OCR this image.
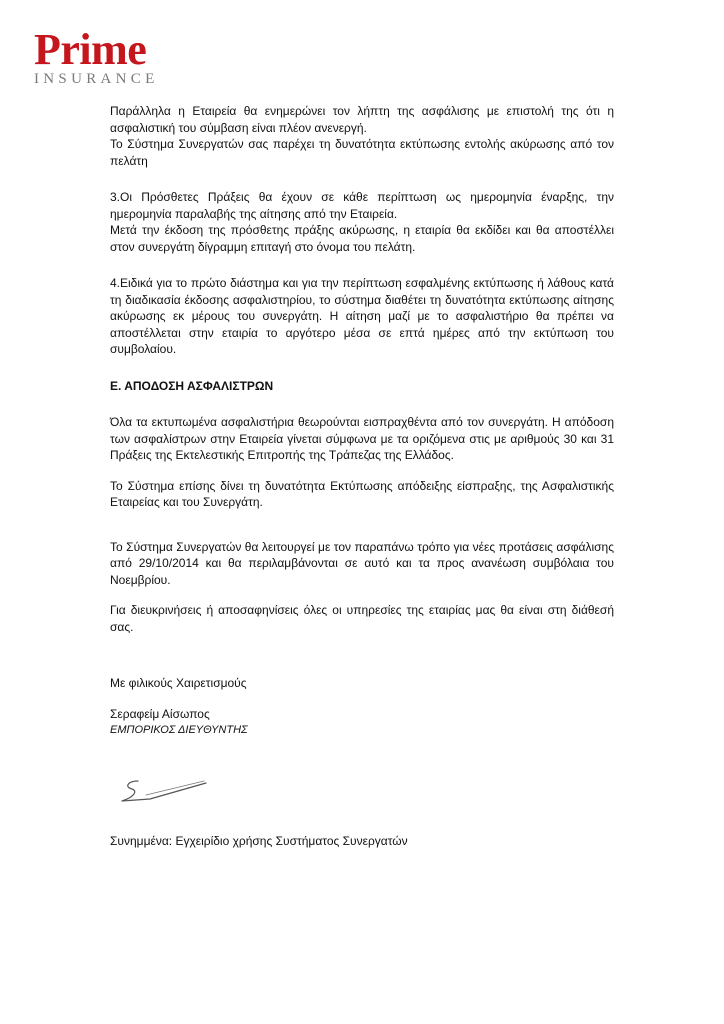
Prime
INSURANCE

Παράλληλα η Εταιρεία θα ενημερώνει τον λήπτη της ασφάλισης με επιστολή της ότι η ασφαλιστική του σύμβαση είναι πλέον ανενεργή.

Το Σύστημα Συνεργατών σας παρέχει τη δυνατότητα εκτύπωσης εντολής ακύρωσης από τον πελάτη

3.Οι Πρόσθετες Πράξεις θα έχουν σε κάθε περίπτωση ως ημερομηνία έναρξης, την ημερομηνία παραλαβής της αίτησης από την Εταιρεία.

Μετά την έκδοση της πρόσθετης πράξης ακύρωσης, η εταιρία θα εκδίδει και θα αποστέλλει στον συνεργάτη δίγραμμη επιταγή στο όνομα του πελάτη.

4.Ειδικά για το πρώτο διάστημα και για την περίπτωση εσφαλμένης εκτύπωσης ή λάθους κατά τη διαδικασία έκδοσης ασφαλιστηρίου, το σύστημα διαθέτει τη δυνατότητα εκτύπωσης αίτησης ακύρωσης εκ μέρους του συνεργάτη. Η αίτηση μαζί με το ασφαλιστήριο θα πρέπει να αποστέλλεται στην εταιρία το αργότερο μέσα σε επτά ημέρες από την εκτύπωση του συμβολαίου.

Ε. ΑΠΟΔΟΣΗ ΑΣΦΑΛΙΣΤΡΩΝ

Όλα τα εκτυπωμένα ασφαλιστήρια θεωρούνται εισπραχθέντα από τον συνεργάτη. Η απόδοση των ασφαλίστρων στην Εταιρεία γίνεται σύμφωνα με τα οριζόμενα στις με αριθμούς 30 και 31 Πράξεις της Εκτελεστικής Επιτροπής της Τράπεζας της Ελλάδος.

Το Σύστημα επίσης δίνει τη δυνατότητα Εκτύπωσης απόδειξης είσπραξης, της Ασφαλιστικής Εταιρείας και του Συνεργάτη.

Το Σύστημα Συνεργατών θα λειτουργεί με τον παραπάνω τρόπο για νέες προτάσεις ασφάλισης από 29/10/2014 και θα περιλαμβάνονται σε αυτό και τα προς ανανέωση συμβόλαια του Νοεμβρίου.

Για διευκρινήσεις ή αποσαφηνίσεις όλες οι υπηρεσίες της εταιρίας μας θα είναι στη διάθεσή σας.

Με φιλικούς Χαιρετισμούς

Σεραφείμ Αίσωπος

ΕΜΠΟΡΙΚΟΣ ΔΙΕΥΘΥΝΤΗΣ

Συνημμένα: Εγχειρίδιο χρήσης Συστήματος Συνεργατών
